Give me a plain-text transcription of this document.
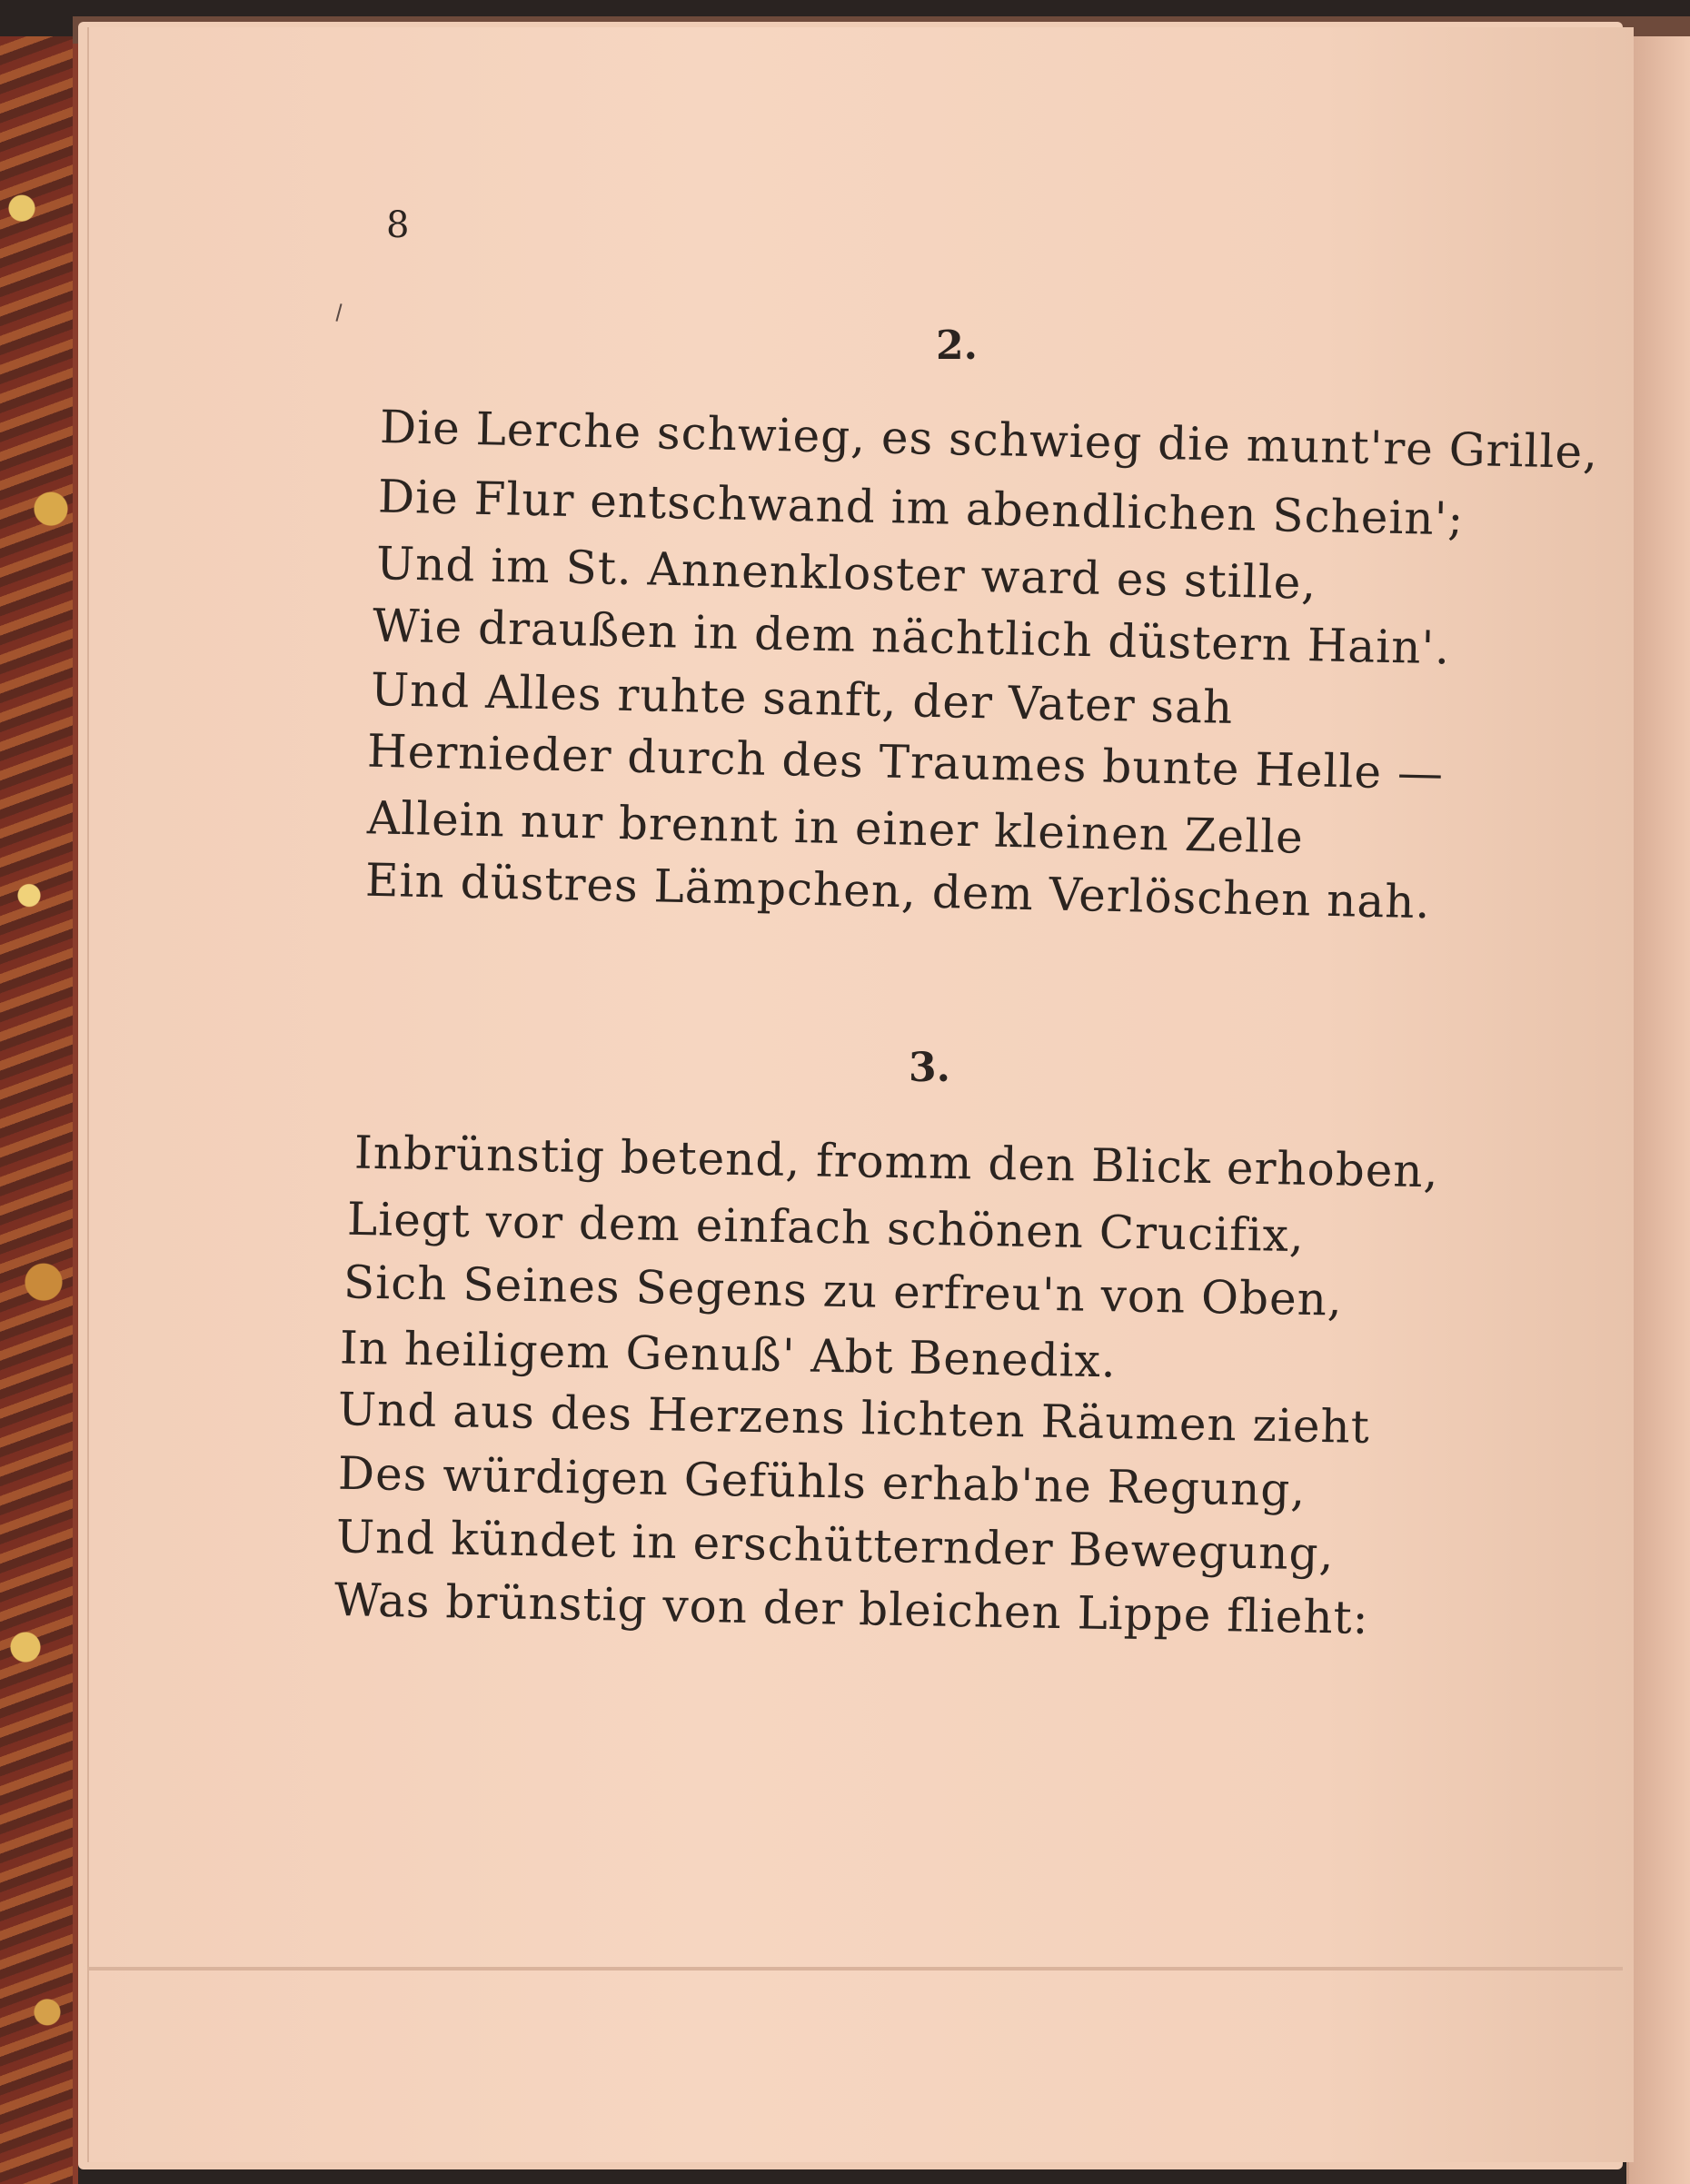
8
2.
Die Lerche schwieg, es schwieg die munt're Grille,
Die Flur entschwand im abendlichen Schein';
Und im St. Annenkloster ward es stille,
Wie draußen in dem nächtlich düstern Hain'.
Und Alles ruhte sanft, der Vater sah
Hernieder durch des Traumes bunte Helle —
Allein nur brennt in einer kleinen Zelle
Ein düstres Lämpchen, dem Verlöschen nah.
3.
Inbrünstig betend, fromm den Blick erhoben,
Liegt vor dem einfach schönen Crucifix,
Sich Seines Segens zu erfreu'n von Oben,
In heiligem Genuß' Abt Benedix.
Und aus des Herzens lichten Räumen zieht
Des würdigen Gefühls erhab'ne Regung,
Und kündet in erschütternder Bewegung,
Was brünstig von der bleichen Lippe flieht:
